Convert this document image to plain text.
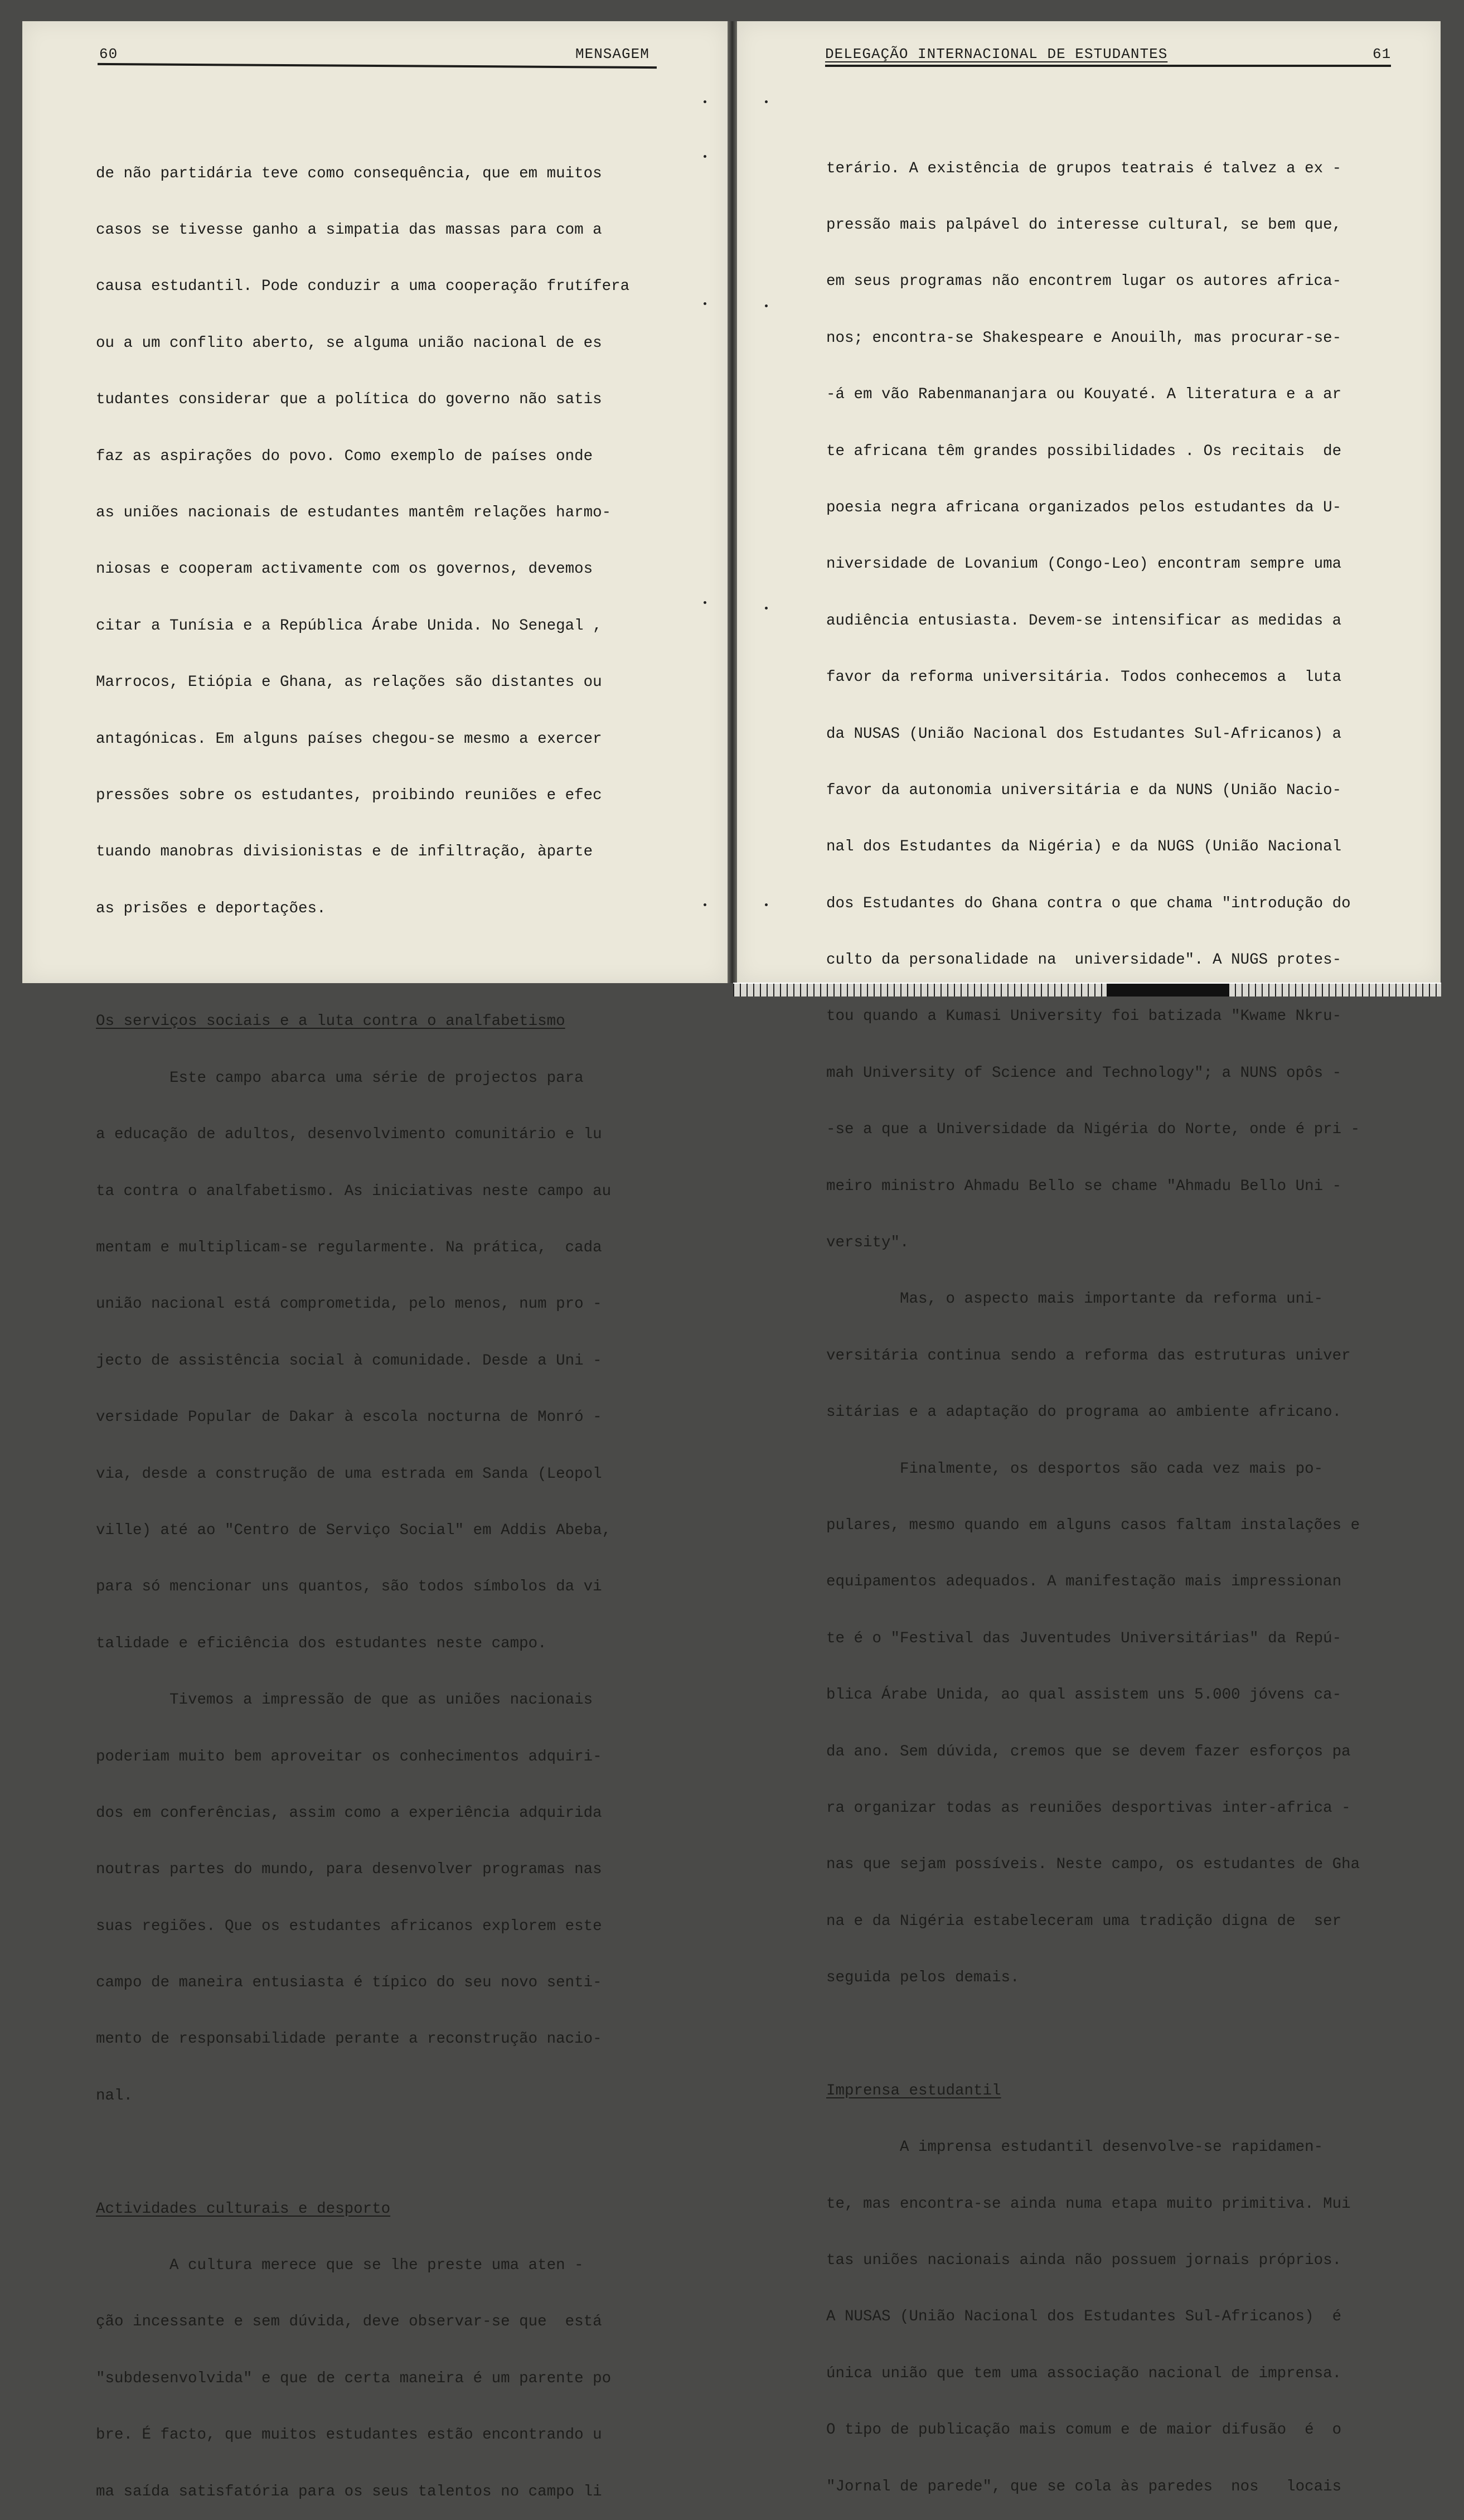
60	MENSAGEM	DELEGAÇÃO INTERNACIONAL DE ESTUDANTES	61

de não partidária teve como consequência, que em muitos

casos se tivesse ganho a simpatia das massas para com a

causa estudantil. Pode conduzir a uma cooperação frutífera

ou a um conflito aberto, se alguma união nacional de es

tudantes considerar que a política do governo não satis

faz as aspirações do povo. Como exemplo de países onde

as uniões nacionais de estudantes mantêm relações harmo-

niosas e cooperam activamente com os governos, devemos

citar a Tunísia e a República Árabe Unida. No Senegal ,

Marrocos, Etiópia e Ghana, as relações são distantes ou

antagónicas. Em alguns países chegou-se mesmo a exercer

pressões sobre os estudantes, proibindo reuniões e efec

tuando manobras divisionistas e de infiltração, àparte

as prisões e deportações.

Os serviços sociais e a luta contra o analfabetismo

Este campo abarca uma série de projectos para

a educação de adultos, desenvolvimento comunitário e lu

ta contra o analfabetismo. As iniciativas neste campo au

mentam e multiplicam-se regularmente. Na prática,  cada

união nacional está comprometida, pelo menos, num pro -

jecto de assistência social à comunidade. Desde a Uni -

versidade Popular de Dakar à escola nocturna de Monró -

via, desde a construção de uma estrada em Sanda (Leopol

ville) até ao "Centro de Serviço Social" em Addis Abeba,

para só mencionar uns quantos, são todos símbolos da vi

talidade e eficiência dos estudantes neste campo.

Tivemos a impressão de que as uniões nacionais

poderiam muito bem aproveitar os conhecimentos adquiri-

dos em conferências, assim como a experiência adquirida

noutras partes do mundo, para desenvolver programas nas

suas regiões. Que os estudantes africanos explorem este

campo de maneira entusiasta é típico do seu novo senti-

mento de responsabilidade perante a reconstrução nacio-

nal.

Actividades culturais e desporto

A cultura merece que se lhe preste uma aten -

ção incessante e sem dúvida, deve observar-se que  está

"subdesenvolvida" e que de certa maneira é um parente po

bre. É facto, que muitos estudantes estão encontrando u

ma saída satisfatória para os seus talentos no campo li

terário. A existência de grupos teatrais é talvez a ex -

pressão mais palpável do interesse cultural, se bem que,

em seus programas não encontrem lugar os autores africa-

nos; encontra-se Shakespeare e Anouilh, mas procurar-se-

-á em vão Rabenmananjara ou Kouyaté. A literatura e a ar

te africana têm grandes possibilidades . Os recitais  de

poesia negra africana organizados pelos estudantes da U-

niversidade de Lovanium (Congo-Leo) encontram sempre uma

audiência entusiasta. Devem-se intensificar as medidas a

favor da reforma universitária. Todos conhecemos a  luta

da NUSAS (União Nacional dos Estudantes Sul-Africanos) a

favor da autonomia universitária e da NUNS (União Nacio-

nal dos Estudantes da Nigéria) e da NUGS (União Nacional

dos Estudantes do Ghana contra o que chama "introdução do

culto da personalidade na  universidade". A NUGS protes-

tou quando a Kumasi University foi batizada "Kwame Nkru-

mah University of Science and Technology"; a NUNS opôs -

-se a que a Universidade da Nigéria do Norte, onde é pri -

meiro ministro Ahmadu Bello se chame "Ahmadu Bello Uni -

versity".

Mas, o aspecto mais importante da reforma uni-

versitária continua sendo a reforma das estruturas univer

sitárias e a adaptação do programa ao ambiente africano.

Finalmente, os desportos são cada vez mais po-

pulares, mesmo quando em alguns casos faltam instalações e

equipamentos adequados. A manifestação mais impressionan

te é o "Festival das Juventudes Universitárias" da Repú-

blica Árabe Unida, ao qual assistem uns 5.000 jóvens ca-

da ano. Sem dúvida, cremos que se devem fazer esforços pa

ra organizar todas as reuniões desportivas inter-africa -

nas que sejam possíveis. Neste campo, os estudantes de Gha

na e da Nigéria estabeleceram uma tradição digna de  ser

seguida pelos demais.

Imprensa estudantil

A imprensa estudantil desenvolve-se rapidamen-

te, mas encontra-se ainda numa etapa muito primitiva. Mui

tas uniões nacionais ainda não possuem jornais próprios.

A NUSAS (União Nacional dos Estudantes Sul-Africanos)  é

única união que tem uma associação nacional de imprensa.

O tipo de publicação mais comum e de maior difusão  é  o

"Jornal de parede", que se cola às paredes  nos   locais
